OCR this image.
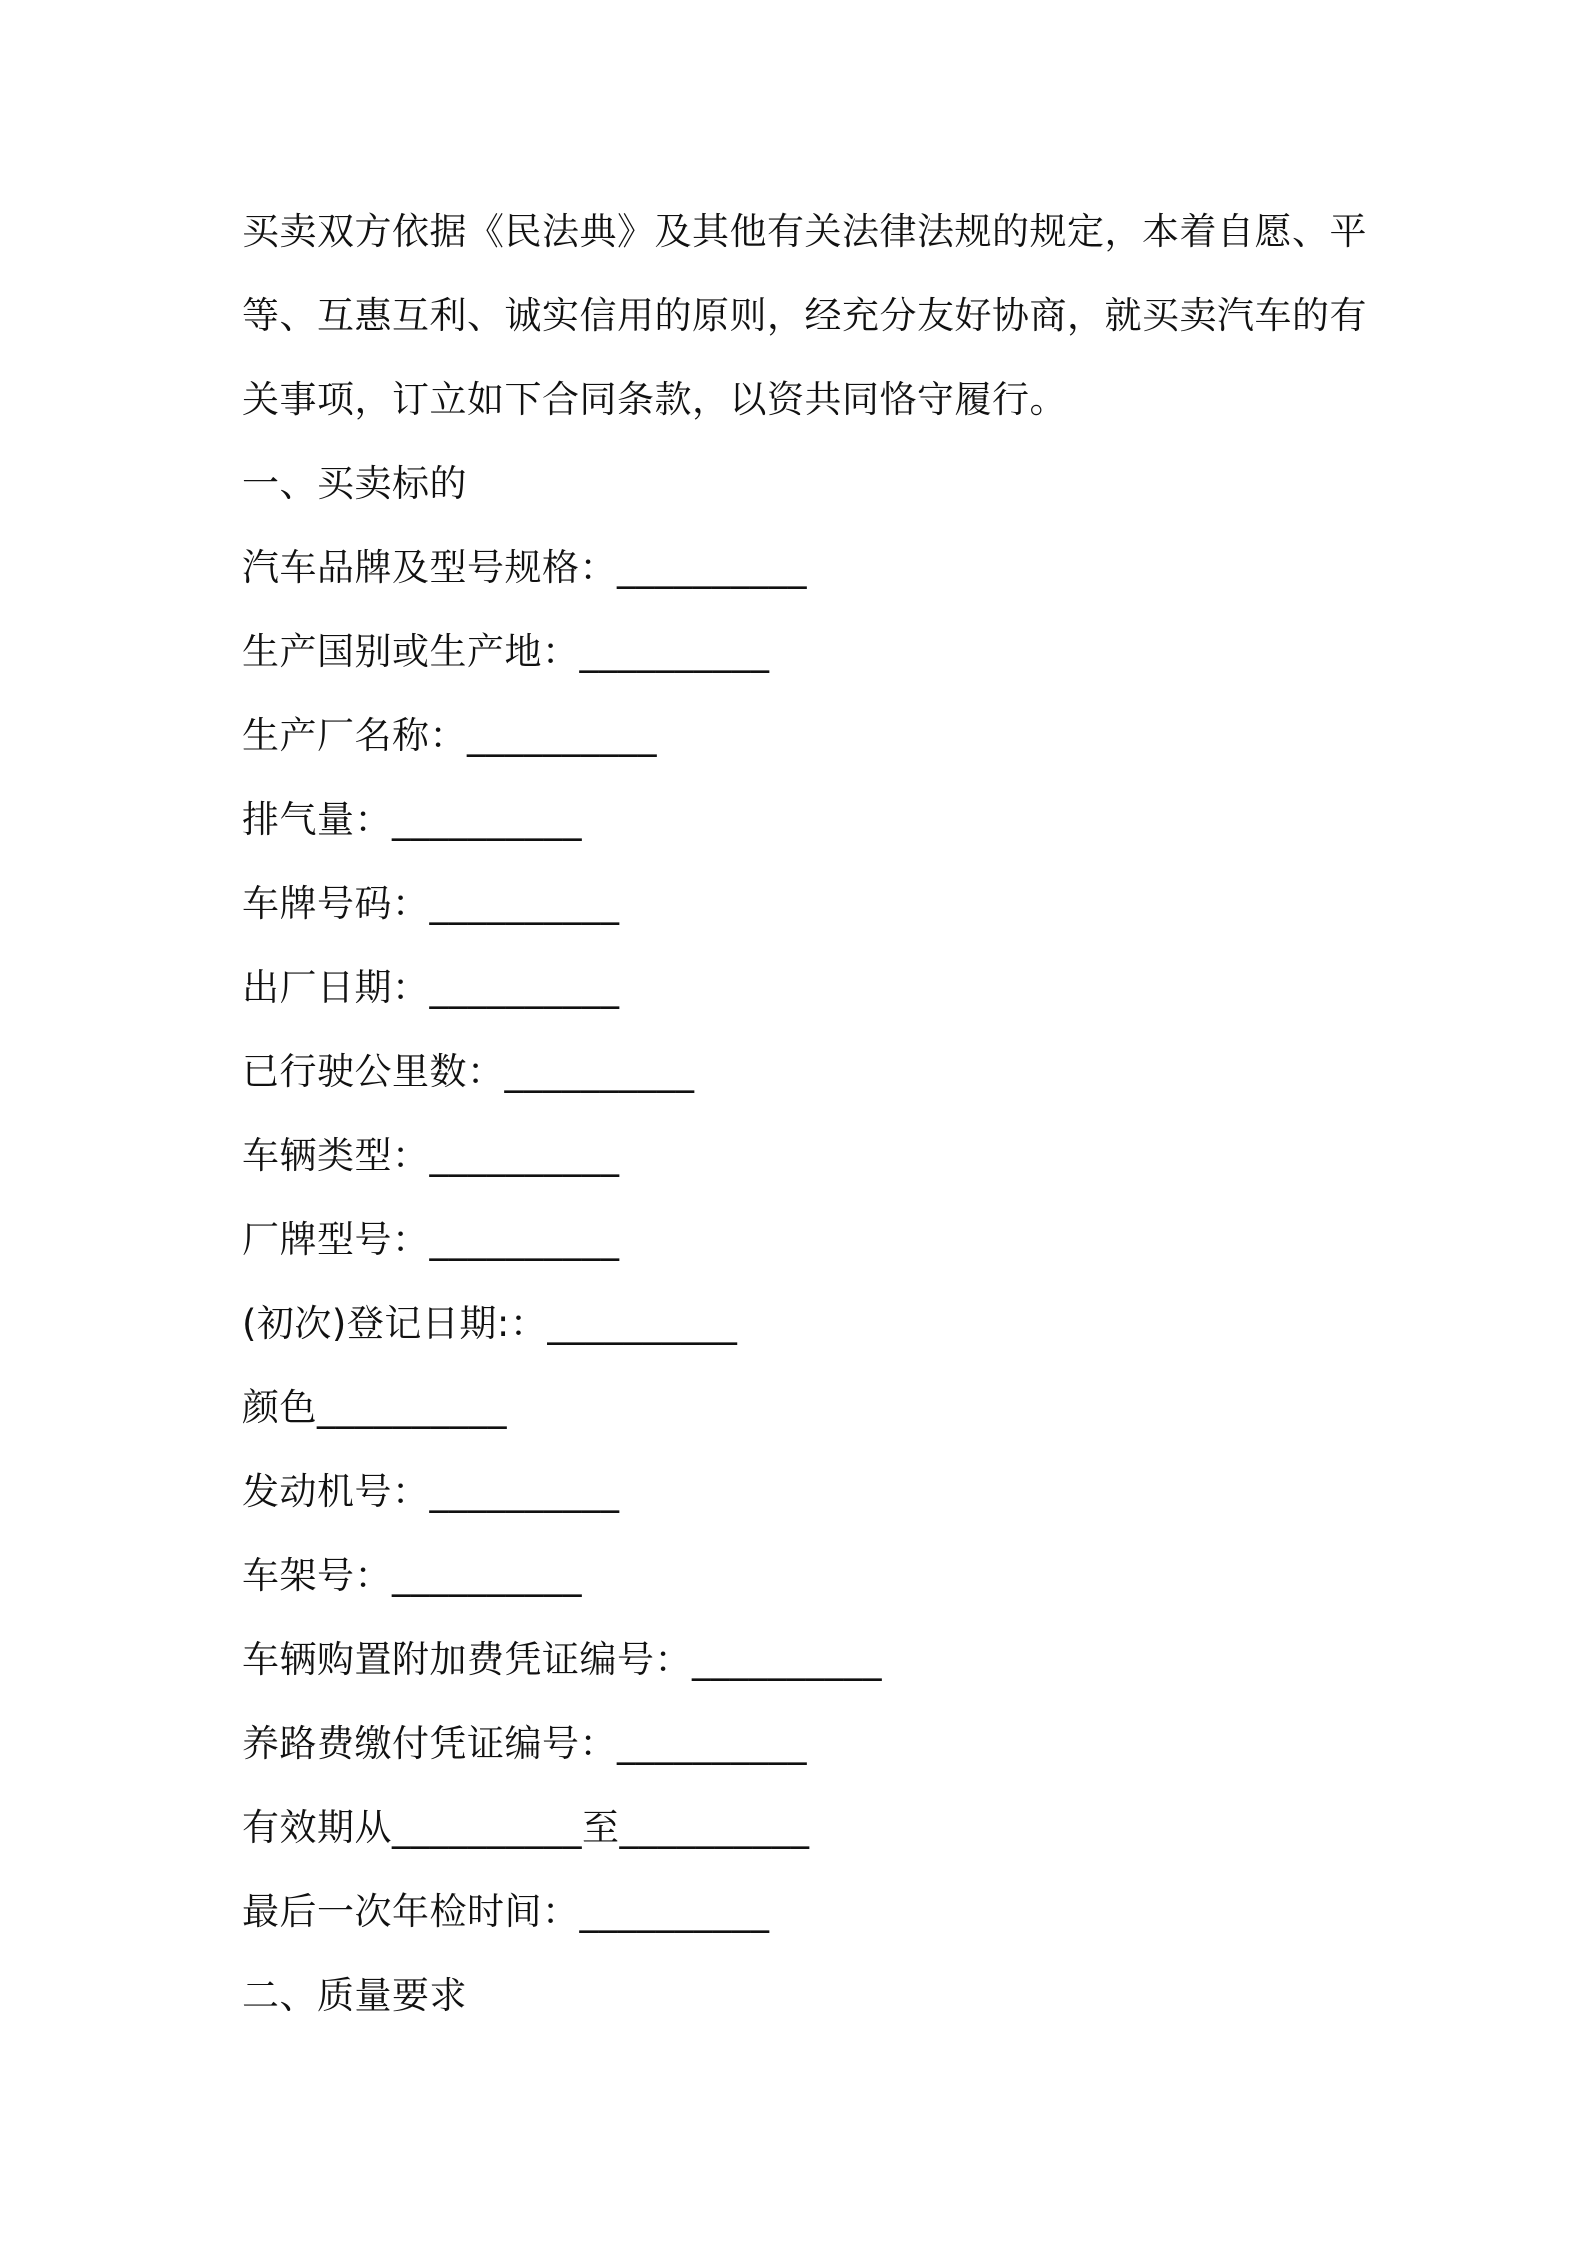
买卖双方依据《民法典》及其他有关法律法规的规定，本着自愿、平
等、互惠互利、诚实信用的原则，经充分友好协商，就买卖汽车的有
关事项，订立如下合同条款，以资共同恪守履行。
一、买卖标的
汽车品牌及型号规格：__________
生产国别或生产地：__________
生产厂名称：__________
排气量：__________
车牌号码：__________
出厂日期：__________
已行驶公里数：__________
车辆类型：__________
厂牌型号：__________
(初次)登记日期:：__________
颜色__________
发动机号：__________
车架号：__________
车辆购置附加费凭证编号：__________
养路费缴付凭证编号：__________
有效期从__________至__________
最后一次年检时间：__________
二、质量要求
